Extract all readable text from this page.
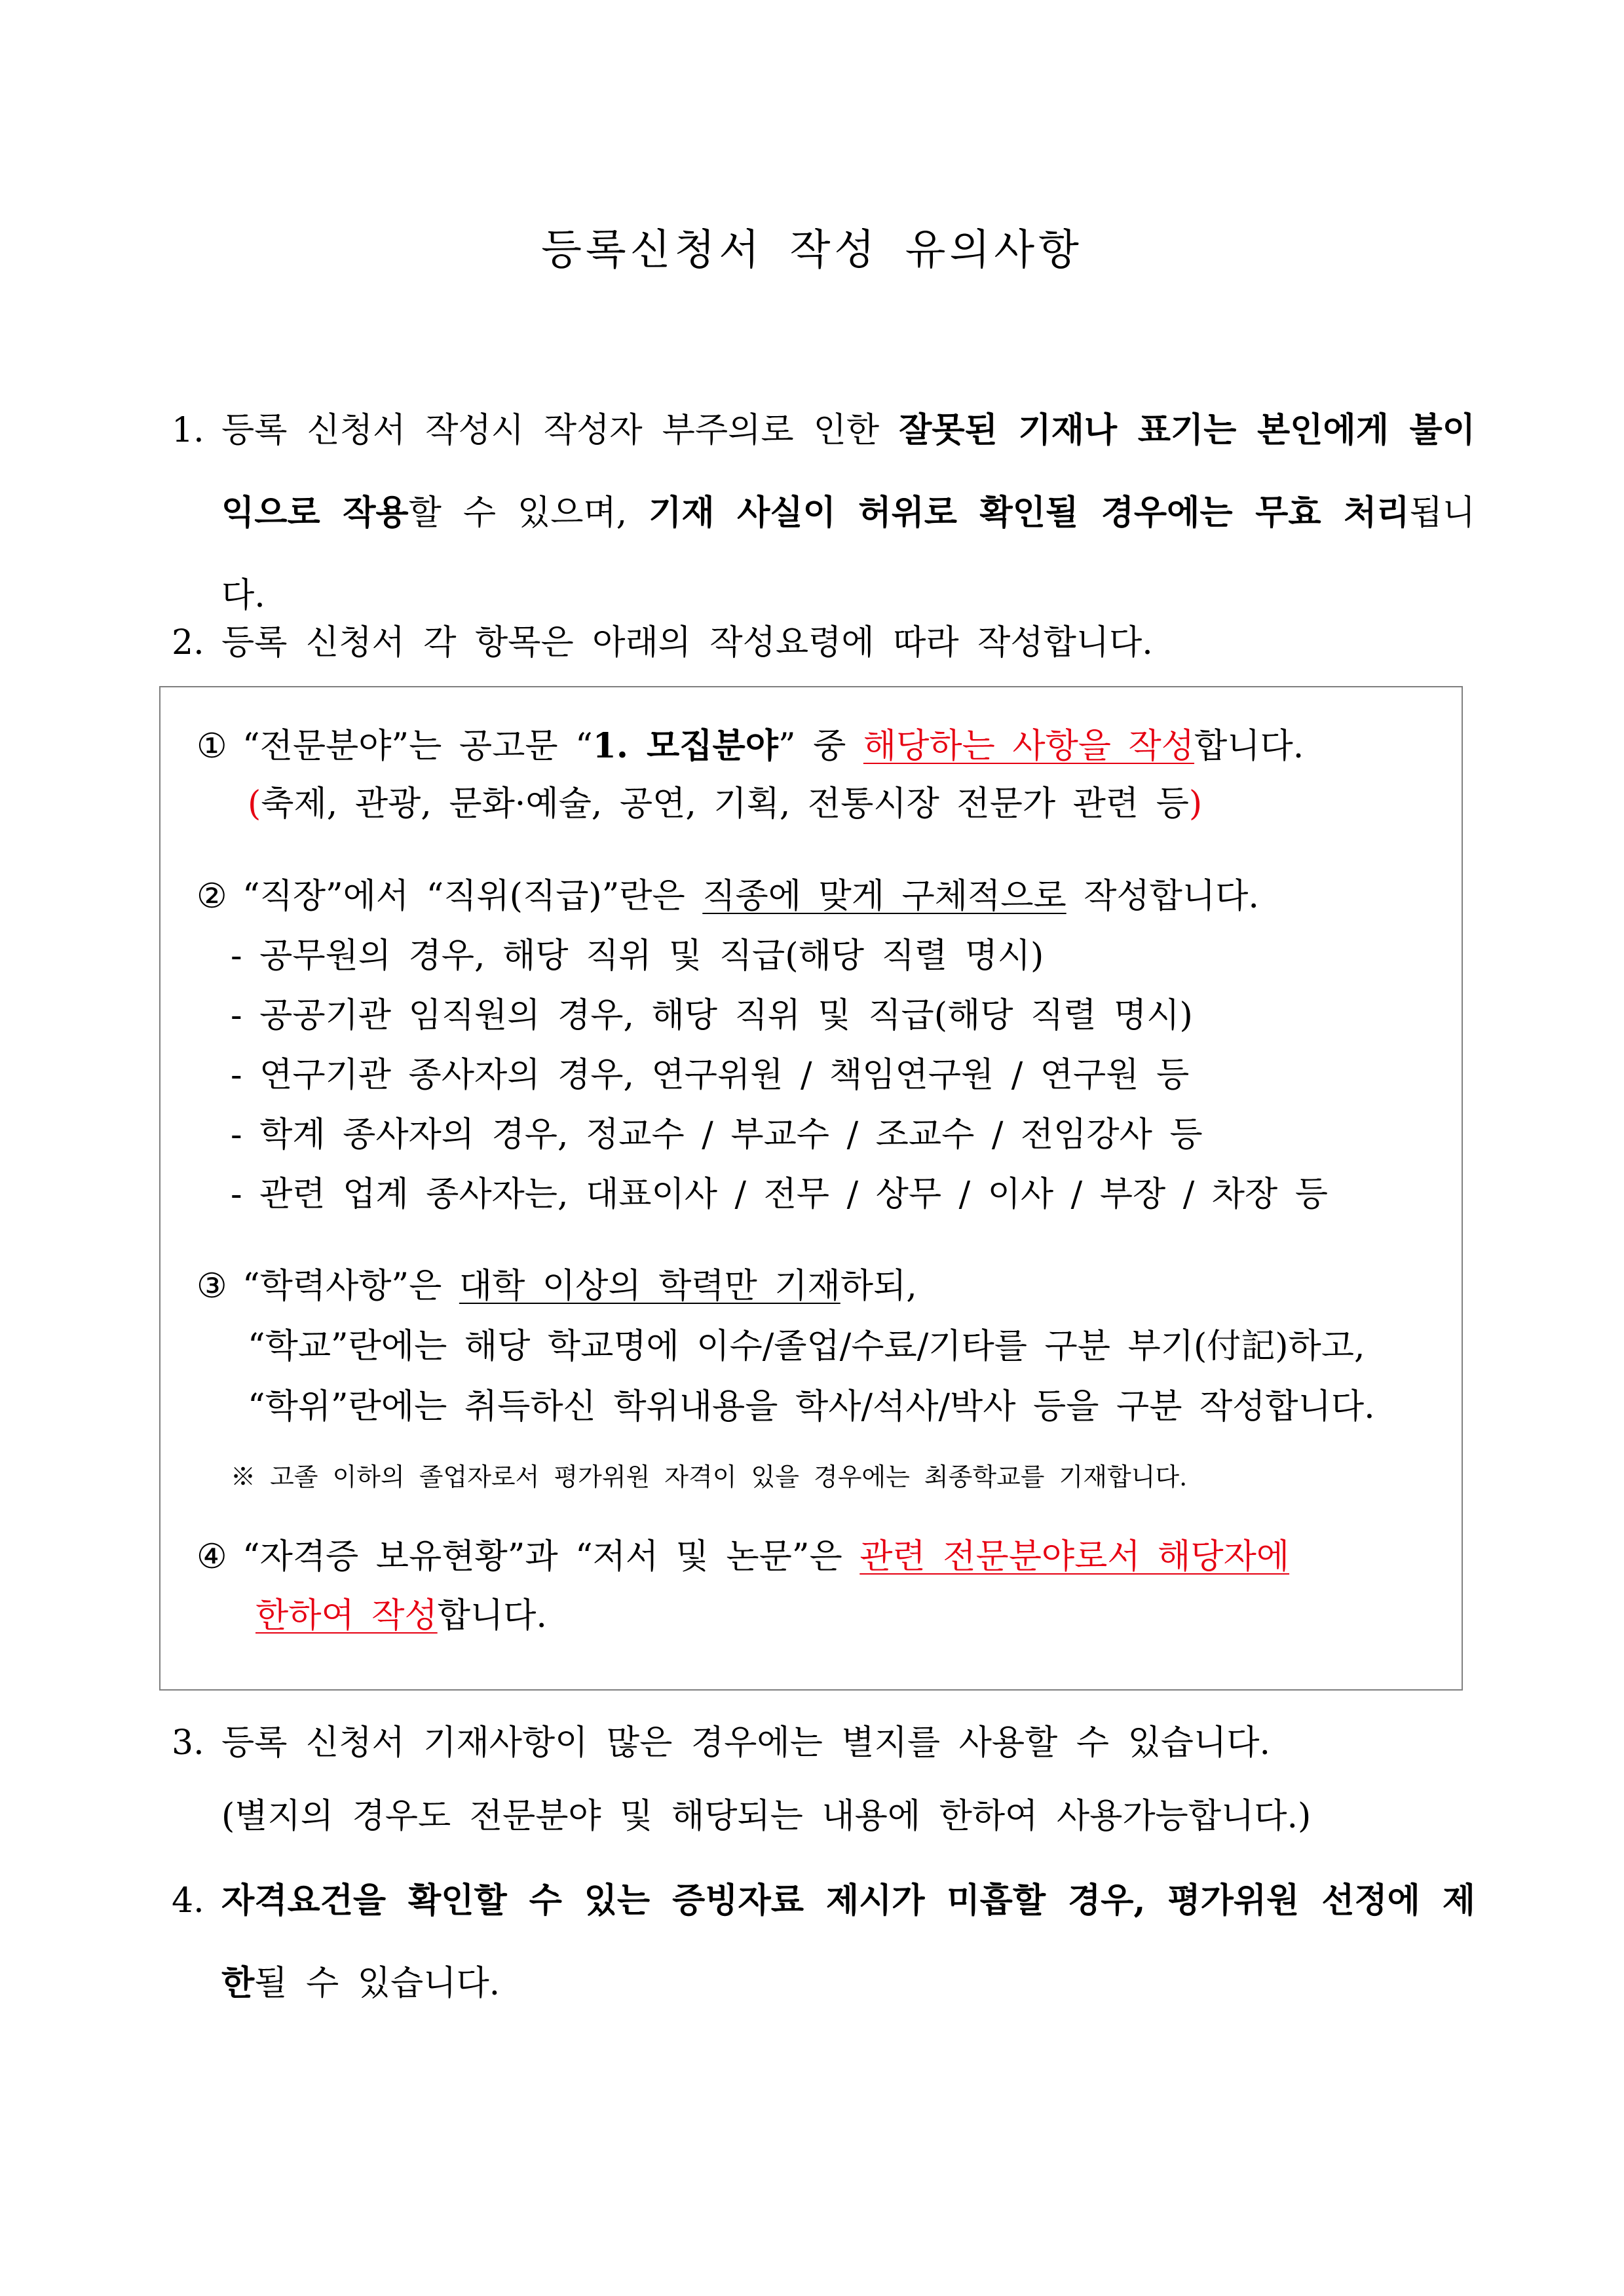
등록신청서 작성 유의사항
1. 등록 신청서 작성시 작성자 부주의로 인한 잘못된 기재나 표기는 본인에게 불이익으로 작용할 수 있으며, 기재 사실이 허위로 확인될 경우에는 무효 처리됩니다.
2. 등록 신청서 각 항목은 아래의 작성요령에 따라 작성합니다.
① “전문분야”는 공고문 “1. 모집분야” 중 해당하는 사항을 작성합니다.
(축제, 관광, 문화·예술, 공연, 기획, 전통시장 전문가 관련 등)
② “직장”에서 “직위(직급)”란은 직종에 맞게 구체적으로 작성합니다.
- 공무원의 경우, 해당 직위 및 직급(해당 직렬 명시)
- 공공기관 임직원의 경우, 해당 직위 및 직급(해당 직렬 명시)
- 연구기관 종사자의 경우, 연구위원 / 책임연구원 / 연구원 등
- 학계 종사자의 경우, 정교수 / 부교수 / 조교수 / 전임강사 등
- 관련 업계 종사자는, 대표이사 / 전무 / 상무 / 이사 / 부장 / 차장 등
③ “학력사항”은 대학 이상의 학력만 기재하되,
“학교”란에는 해당 학교명에 이수/졸업/수료/기타를 구분 부기(付記)하고,
“학위”란에는 취득하신 학위내용을 학사/석사/박사 등을 구분 작성합니다.
※ 고졸 이하의 졸업자로서 평가위원 자격이 있을 경우에는 최종학교를 기재합니다.
④ “자격증 보유현황”과 “저서 및 논문”은 관련 전문분야로서 해당자에
한하여 작성합니다.
3. 등록 신청서 기재사항이 많은 경우에는 별지를 사용할 수 있습니다.
(별지의 경우도 전문분야 및 해당되는 내용에 한하여 사용가능합니다.)
4. 자격요건을 확인할 수 있는 증빙자료 제시가 미흡할 경우, 평가위원 선정에 제한될 수 있습니다.
